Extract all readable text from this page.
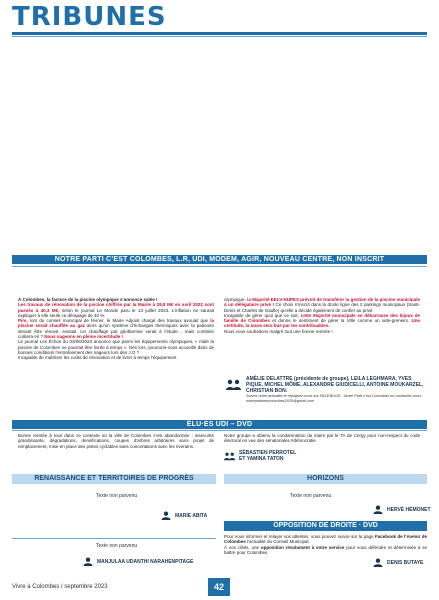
TRIBUNES
NOTRE PARTI C’EST COLOMBES, L.R, UDI, MODEM, AGIR, NOUVEAU CENTRE, NON INSCRIT

À Colombes, la facture de la piscine olympique s’annonce salée !

Les travaux de rénovation de la piscine chiffrés par la Mairie à 28,8 M€ en avril 2022 sont passés à 40,3 M€, selon le journal Le Monde paru le 13 juillet 2023. L’inflation ne saurait expliquer à elle seule ce dérapage de 40 %.

Pire, lors du conseil municipal de février, le Maire Adjoint chargé des travaux avouait que la piscine serait chauffée au gaz alors qu’un système d’échanges thermiques avec la patinoire devant être rénové, existait. Un chauffage par géothermie serait à l’étude… mais combien coûtera-t-il ? Nous nageons en pleine incertitude !

Le journal Les Échos du 03/08/2023 annonce que parmi les équipements olympiques, « malé la piscine de Colombes ne pourrait être livrée à temps ». Dès lors, pourrons-nous accueillir dans de bonnes conditions l’entraînement des nageurs lors des J.O ?

Incapable de maîtriser les coûts de rénovation et de livrer à temps l’équipement

olympique, la Majorité EELV-NUPES prévoit de transférer la gestion de la piscine municipale à un délégataire privé ! Ce choix s’inscrit dans la droite ligne des 2 parkings municipaux (Saint-Denis et Charles de Gaulle) qu’elle a décidé également de confier au privé.

Incapable de gérer quoi que ce soit, cette Majorité municipale se débarrasse des bijoux de famille de Colombes et donne le sentiment de gérer la Ville comme un vide-greniers. Une certitude, la tasse sera bue par les contribuables.

Nous vous souhaitons malgré tout une bonne rentrée !

AMÉLIE DELATTRE (présidente de groupe), LEILA LEGHMARA, YVES PIQUE, MICHEL MÔME, ALEXANDRE GIUDICELLI, ANTOINE MOUKARZEL, CHRISTIAN BON.
Suivez notre actualité et rejoignez-nous sur FACEBOOK : Notre Parti c’est Colombes ou contactez-nous : notrepartirestcolombes2020@gmail.com
ÉLU·ES UDI – DVD
Bonne rentrée à tous dans ce contexte où la ville de Colombes s’est abandonnée : insécurité grandissante, dégradations, densifications, coupes d’arbres arbitraires sans projet de remplacement, mise en place des pistes cyclables sans concertations avec les riverains.
Notre groupe a obtenu la condamnation du maire par le TA de Cergy pour non-respect du code électoral en vue des sénatoriales #démocratie
SÉBASTIEN PERROTEL ET YAMINA TATON
RENAISSANCE ET TERRITOIRES DE PROGRÈS
Texte non parvenu
MARIE ABITA
HORIZONS
Texte non parvenu
HERVÉ HÉMONET
Texte non parvenu
MANJULAA UDANTHI NARAHENPITAGE
OPPOSITION DE DROITE · DVD

Pour vous informer et relayer vos attentes, vous pouvez suivre sur la page Facebook de l’Avenir de Colombes l’actualité du Conseil Municipal.

À vos côtés, une opposition résolument à votre service pour vous défendre et déterminée à se battre pour Colombes.

DENIS BUTAYE
Vivre à Colombes / septembre 2023	42
